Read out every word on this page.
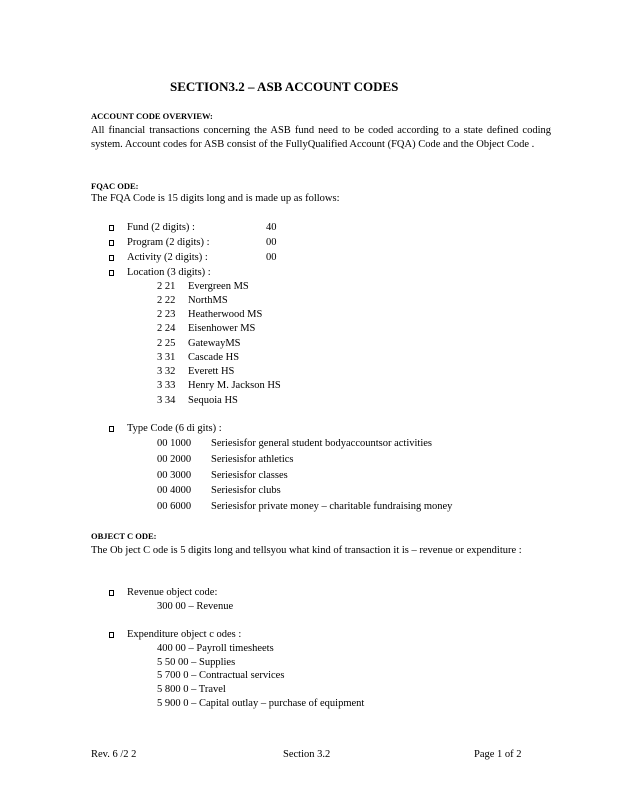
SECTION3.2 – ASB ACCOUNT CODES
ACCOUNT CODE OVERVIEW:
All financial transactions concerning the ASB fund need to be coded according to a state defined coding system. Account codes for ASB consist of the FullyQualified Account (FQA) Code and the Object Code .
FQAC ODE:
The FQA Code is 15 digits long and is made up as follows:
Fund (2 digits) :	40
Program (2 digits) :	00
Activity (2 digits) :	00
Location (3 digits) :
2 21 Evergreen MS
2 22 NorthMS
2 23 Heatherwood MS
2 24 Eisenhower MS
2 25 GatewayMS
3 31 Cascade HS
3 32 Everett HS
3 33 Henry M. Jackson HS
3 34 Sequoia HS
Type Code (6 di gits) :
00 1000 Seriesisfor general student bodyaccountsor activities
00 2000 Seriesisfor athletics
00 3000 Seriesisfor classes
00 4000 Seriesisfor clubs
00 6000 Seriesisfor private money – charitable fundraising money
OBJECT C ODE:
The Ob ject C ode is 5 digits long and tellsyou what kind of transaction it is – revenue or expenditure :
Revenue object code:
300 00 – Revenue
Expenditure object c odes :
400 00 – Payroll timesheets
5 50 00 – Supplies
5 700 0 – Contractual services
5 800 0 – Travel
5 900 0 – Capital outlay – purchase of equipment
Rev. 6 /2 2	Section 3.2	Page 1 of 2
